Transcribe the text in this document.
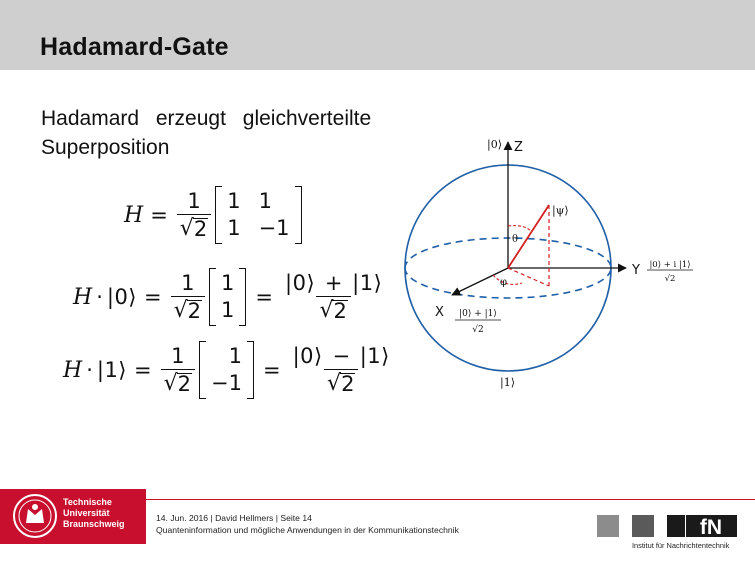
Hadamard-Gate
Hadamard erzeugt gleichverteilte
Superposition
$H = \frac{1}{√ 2} 1$ 1
1 −1
H · |0⟩ = $\frac{1}{√ 2} 1$
1
= $\frac{|0⟩ + |1⟩}{√ 2}$
H · |1⟩ = $\frac{1}{√ 2} 1$
−1
= $\frac{|0⟩ - |1⟩}{√ 2}$
|0⟩ Z
Y
X
|ψ⟩
θ
φ
|1⟩
|0⟩ + i |1⟩
√2
|0⟩ + |1⟩
√2
Technische
Universität
Braunschweig
14. Jun. 2016 | David Hellmers | Seite 14
Quanteninformation und mögliche Anwendungen in der Kommunikationstechnik	fN
Institut für Nachrichtentechnik
